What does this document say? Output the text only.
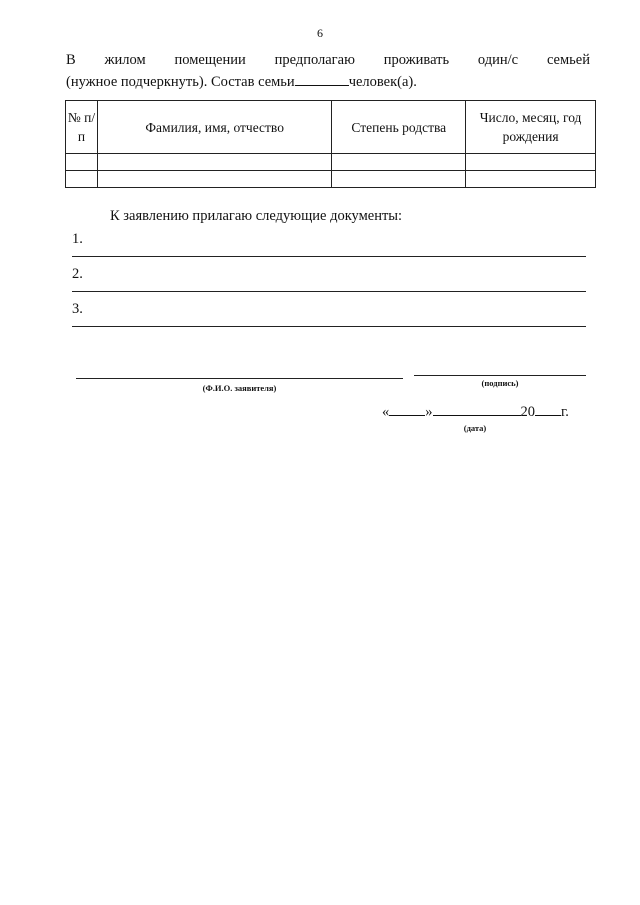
6
В жилом помещении предполагаю проживать один/с семьей
(нужное подчеркнуть). Состав семьи	человек(а).
№ п/п	Фамилия, имя, отчество	Степень родства	Число, месяц, год рождения

К заявлению прилагаю следующие документы:
1.
2.
3.
(Ф.И.О. заявителя)	(подпись)
« »	20 г.
(дата)
